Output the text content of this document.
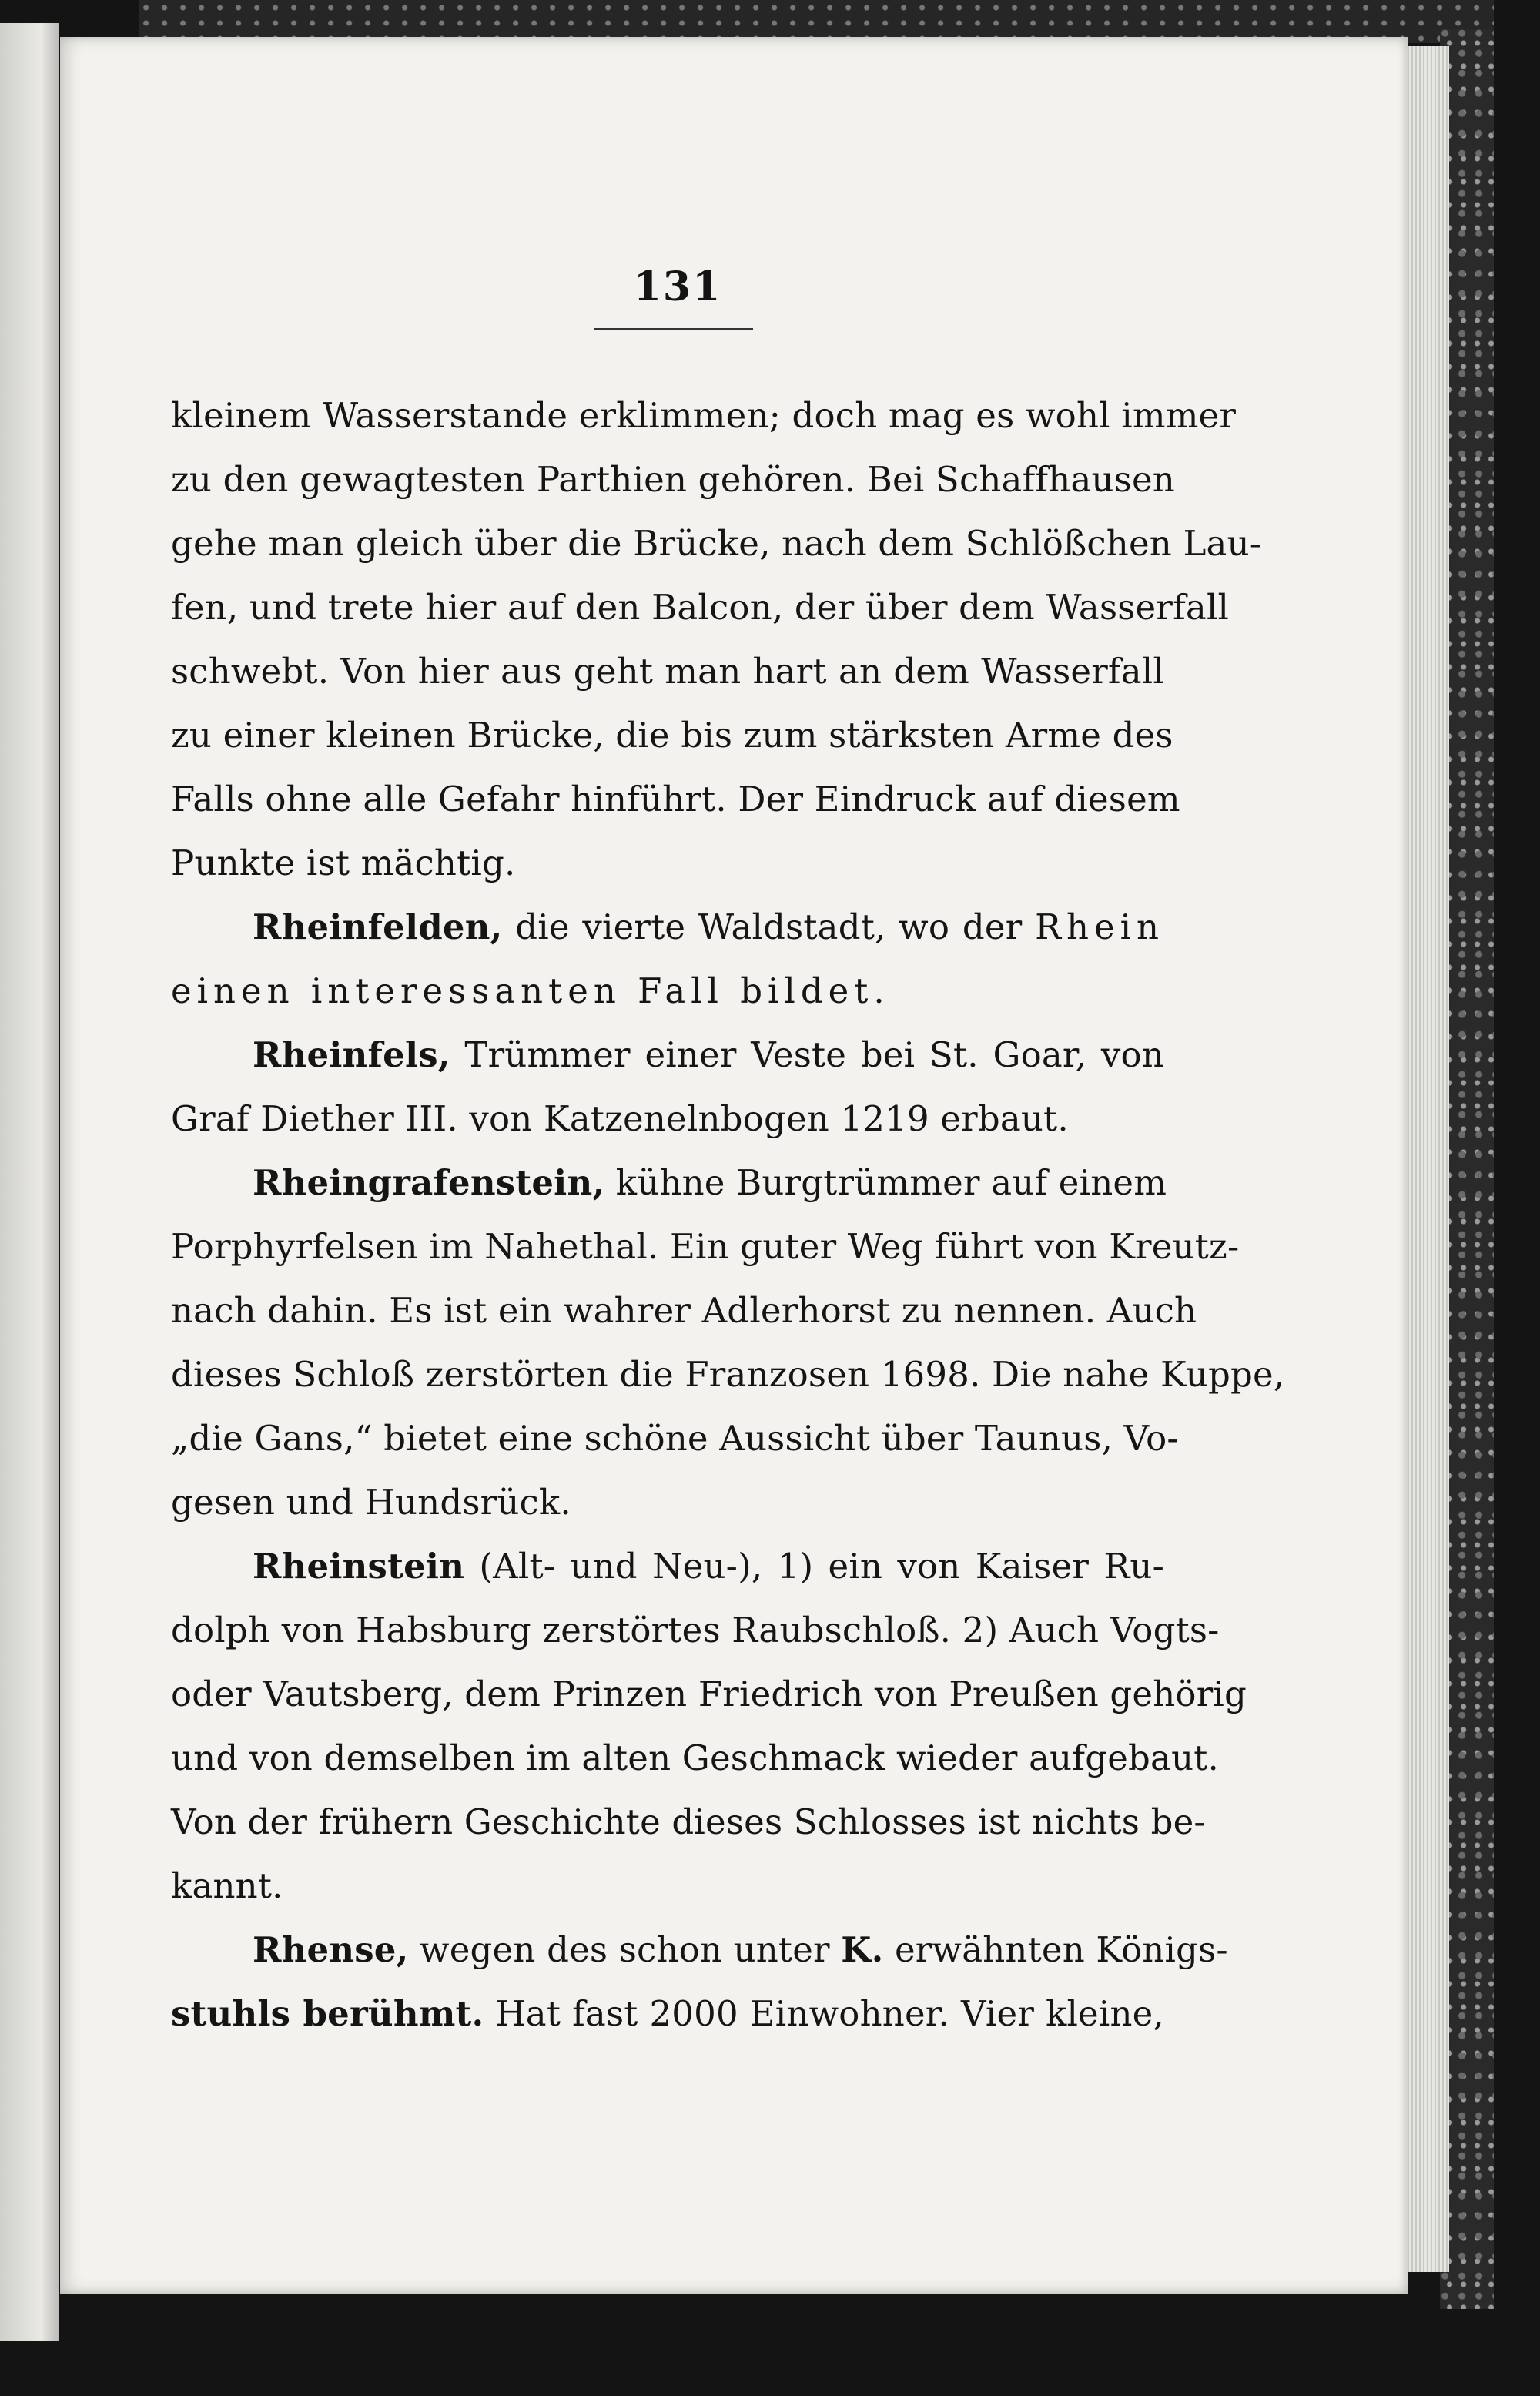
131
kleinem Wasserstande erklimmen; doch mag es wohl immer
zu den gewagtesten Parthien gehören. Bei Schaffhausen
gehe man gleich über die Brücke, nach dem Schlößchen Lau-
fen, und trete hier auf den Balcon, der über dem Wasserfall
schwebt. Von hier aus geht man hart an dem Wasserfall
zu einer kleinen Brücke, die bis zum stärksten Arme des
Falls ohne alle Gefahr hinführt. Der Eindruck auf diesem
Punkte ist mächtig.
Rheinfelden, die vierte Waldstadt, wo der Rhein
einen interessanten Fall bildet.
Rheinfels, Trümmer einer Veste bei St. Goar, von
Graf Diether III. von Katzenelnbogen 1219 erbaut.
Rheingrafenstein, kühne Burgtrümmer auf einem
Porphyrfelsen im Nahethal. Ein guter Weg führt von Kreutz-
nach dahin. Es ist ein wahrer Adlerhorst zu nennen. Auch
dieses Schloß zerstörten die Franzosen 1698. Die nahe Kuppe,
„die Gans,“ bietet eine schöne Aussicht über Taunus, Vo-
gesen und Hundsrück.
Rheinstein (Alt- und Neu-), 1) ein von Kaiser Ru-
dolph von Habsburg zerstörtes Raubschloß. 2) Auch Vogts-
oder Vautsberg, dem Prinzen Friedrich von Preußen gehörig
und von demselben im alten Geschmack wieder aufgebaut.
Von der frühern Geschichte dieses Schlosses ist nichts be-
kannt.
Rhense, wegen des schon unter K. erwähnten Königs-
stuhls berühmt. Hat fast 2000 Einwohner. Vier kleine,
